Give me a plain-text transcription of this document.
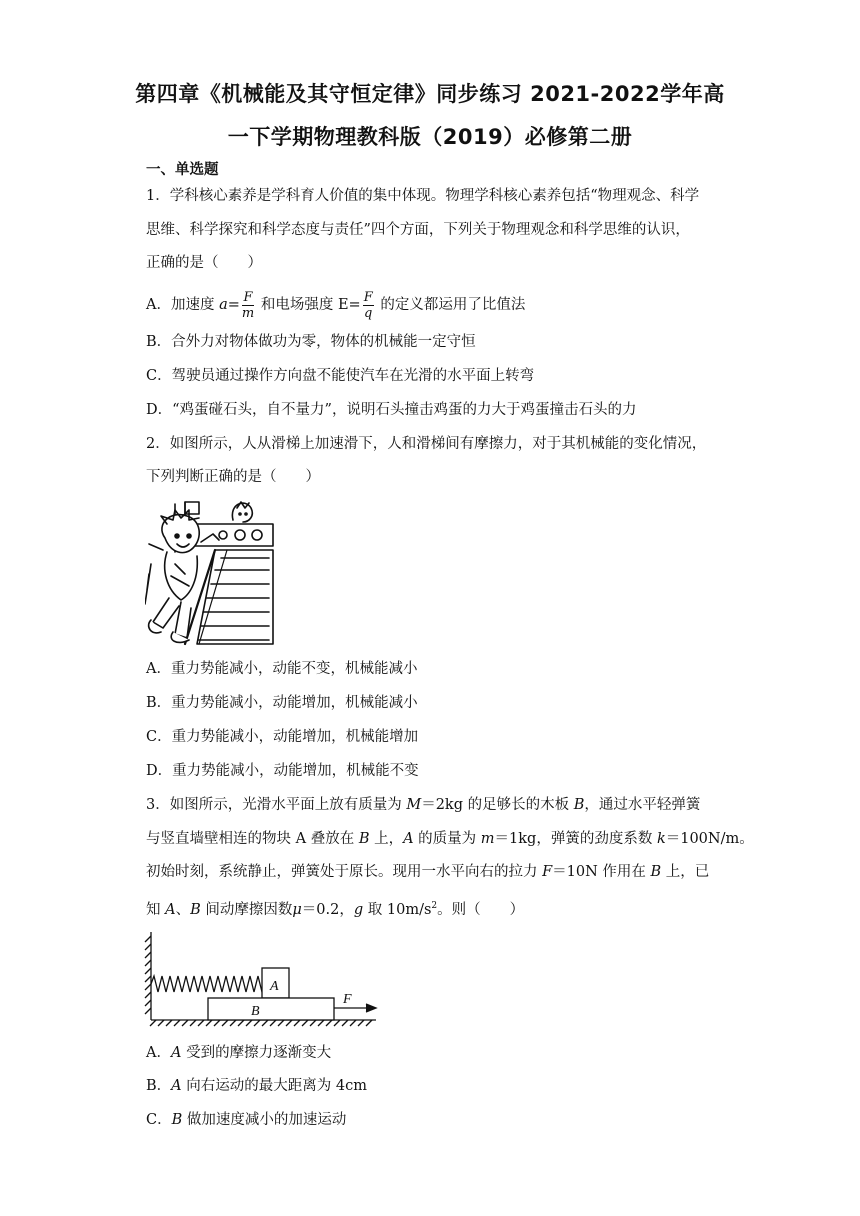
第四章《机械能及其守恒定律》同步练习 2021-2022学年高
一下学期物理教科版（2019）必修第二册
一、单选题
1．学科核心素养是学科育人价值的集中体现。物理学科核心素养包括“物理观念、科学
思维、科学探究和科学态度与责任”四个方面，下列关于物理观念和科学思维的认识，
正确的是（　　）
A．加速度 $a= \frac{F}{m}$ 和电场强度 $E= \frac{F}{q}$ 的定义都运用了比值法
B．合外力对物体做功为零，物体的机械能一定守恒
C．驾驶员通过操作方向盘不能使汽车在光滑的水平面上转弯
D．“鸡蛋碰石头，自不量力”，说明石头撞击鸡蛋的力大于鸡蛋撞击石头的力
2．如图所示，人从滑梯上加速滑下，人和滑梯间有摩擦力，对于其机械能的变化情况，
下列判断正确的是（　　）
A．重力势能减小，动能不变，机械能减小
B．重力势能减小，动能增加，机械能减小
C．重力势能减小，动能增加，机械能增加
D．重力势能减小，动能增加，机械能不变
3．如图所示，光滑水平面上放有质量为 M＝2kg 的足够长的木板 B，通过水平轻弹簧
与竖直墙壁相连的物块 A 叠放在 B 上，A 的质量为 m＝1kg，弹簧的劲度系数 k＝100N/m。
初始时刻，系统静止，弹簧处于原长。现用一水平向右的拉力 F＝10N 作用在 B 上，已
知 A、B 间动摩擦因数μ＝0.2，g 取 $10m/s^2$。则（　　）
A
B
F
A．A 受到的摩擦力逐渐变大
B．A 向右运动的最大距离为 4cm
C．B 做加速度减小的加速运动
